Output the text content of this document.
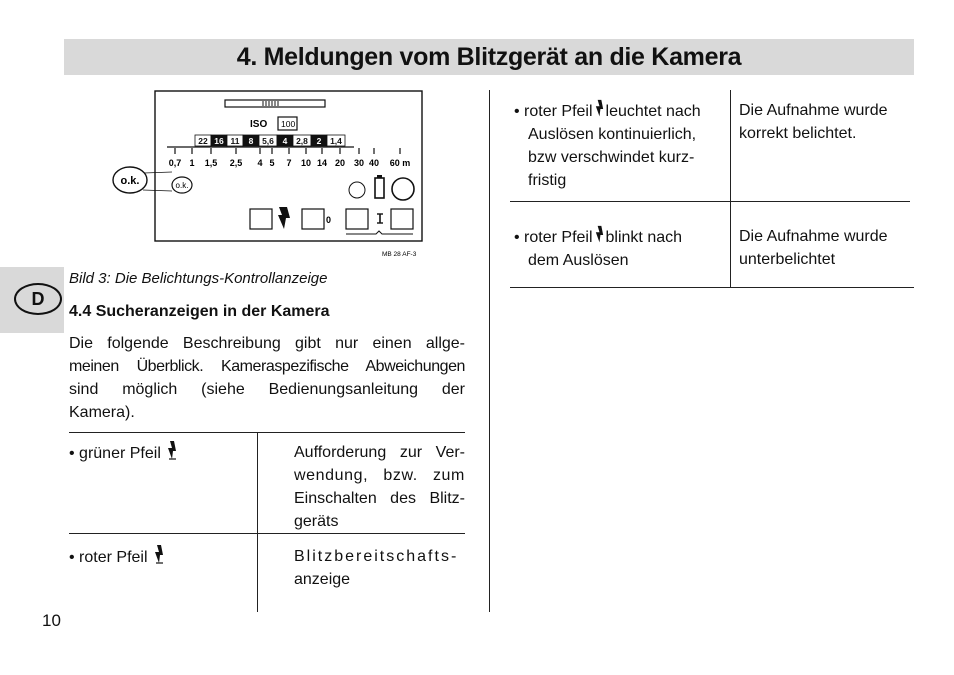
4. Meldungen vom Blitzgerät an die Kamera
D
ISO 100
22 16 11 8 5,6 4 2,8 2 1,4
0,7 1 1,5 2,5 4 5 7 10 14 20 30 40 60 m
o.k.	o.k.
0
MB 28 AF-3
Bild 3: Die Belichtungs-Kontrollanzeige
4.4 Sucheranzeigen in der Kamera
Die folgende Beschreibung gibt nur einen allge-
meinen Überblick. Kameraspezifische Abweichungen
sind möglich (siehe Bedienungsanleitung der
Kamera).
• grüner Pfeil	Aufforderung zur Ver-
wendung, bzw. zum
Einschalten des Blitz-
geräts
• roter Pfeil	Blitzbereitschafts-
anzeige
• roter Pfeil leuchtet nach
Auslösen kontinuierlich,
bzw verschwindet kurz-
fristig
Die Aufnahme wurde
korrekt belichtet.
• roter Pfeil blinkt nach
dem Auslösen
Die Aufnahme wurde
unterbelichtet
10
